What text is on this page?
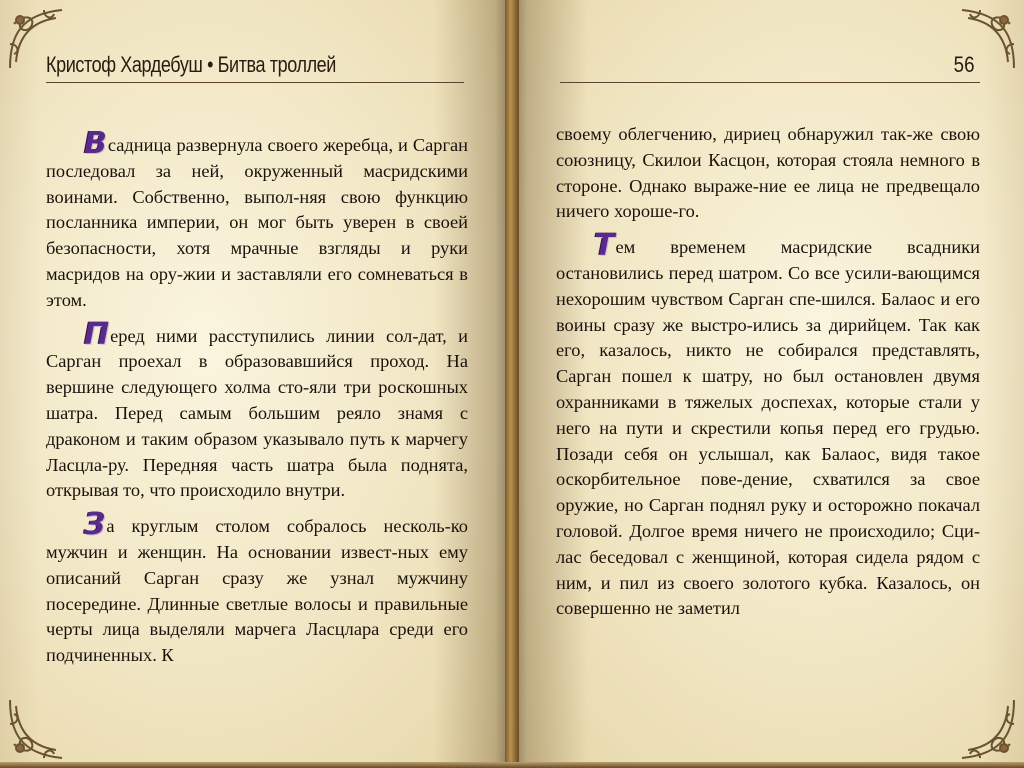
Кристоф Хардебуш • Битва троллей

Всадница развернула своего жеребца, и Сарган последовал за ней, окруженный масридскими воинами. Собственно, выпол-няя свою функцию посланника империи, он мог быть уверен в своей безопасности, хотя мрачные взгляды и руки масридов на ору-жии и заставляли его сомневаться в этом.

Перед ними расступились линии сол-дат, и Сарган проехал в образовавшийся проход. На вершине следующего холма сто-яли три роскошных шатра. Перед самым большим реяло знамя с драконом и таким образом указывало путь к марчегу Ласцла-ру. Передняя часть шатра была поднята, открывая то, что происходило внутри.

За круглым столом собралось несколь-ко мужчин и женщин. На основании извест-ных ему описаний Сарган сразу же узнал мужчину посередине. Длинные светлые волосы и правильные черты лица выделяли марчега Ласцлара среди его подчиненных. К

56

своему облегчению, дириец обнаружил так-же свою союзницу, Скилои Касцон, которая стояла немного в стороне. Однако выраже-ние ее лица не предвещало ничего хороше-го.

Тем временем масридские всадники остановились перед шатром. Со все усили-вающимся нехорошим чувством Сарган спе-шился. Балаос и его воины сразу же выстро-ились за дирийцем. Так как его, казалось, никто не собирался представлять, Сарган пошел к шатру, но был остановлен двумя охранниками в тяжелых доспехах, которые стали у него на пути и скрестили копья перед его грудью. Позади себя он услышал, как Балаос, видя такое оскорбительное пове-дение, схватился за свое оружие, но Сарган поднял руку и осторожно покачал головой. Долгое время ничего не происходило; Сци-лас беседовал с женщиной, которая сидела рядом с ним, и пил из своего золотого кубка. Казалось, он совершенно не заметил
